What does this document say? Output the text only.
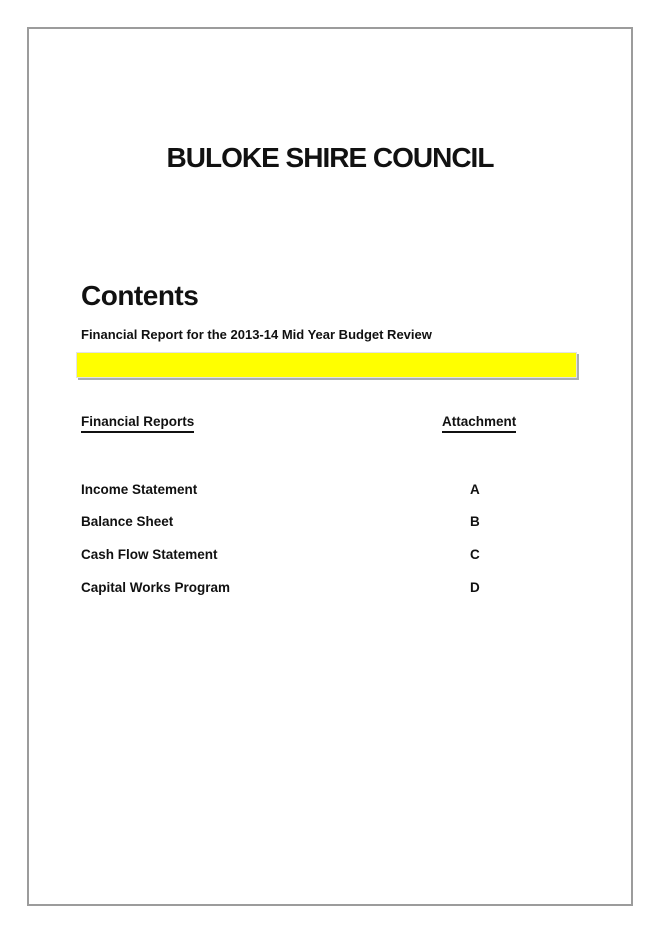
BULOKE SHIRE COUNCIL
Contents
Financial Report for the 2013-14 Mid Year Budget Review
Financial Reports	Attachment
Income Statement	A
Balance Sheet	B
Cash Flow Statement	C
Capital Works Program	D
